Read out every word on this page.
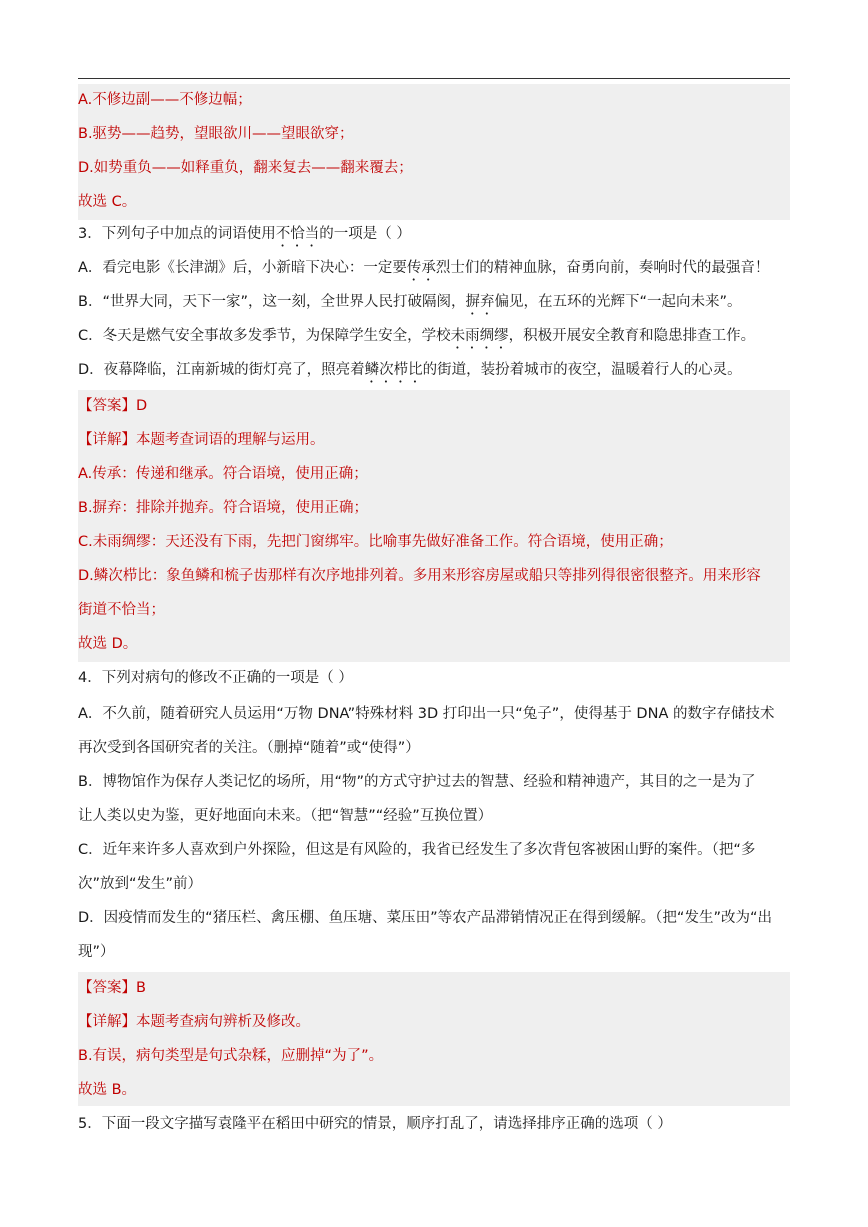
A.不修边副——不修边幅；
B.驱势——趋势，望眼欲川——望眼欲穿；
D.如势重负——如释重负，翻来复去——翻来覆去；
故选 C。
3．下列句子中加点的词语使用不恰当的一项是（ ）
A．看完电影《长津湖》后，小新暗下决心：一定要传承烈士们的精神血脉，奋勇向前，奏响时代的最强音！
B．“世界大同，天下一家”，这一刻，全世界人民打破隔阂，摒弃偏见，在五环的光辉下“一起向未来”。
C．冬天是燃气安全事故多发季节，为保障学生安全，学校未雨绸缪，积极开展安全教育和隐患排查工作。
D．夜幕降临，江南新城的街灯亮了，照亮着鳞次栉比的街道，装扮着城市的夜空，温暖着行人的心灵。
【答案】D
【详解】本题考查词语的理解与运用。
A.传承：传递和继承。符合语境，使用正确；
B.摒弃：排除并抛弃。符合语境，使用正确；
C.未雨绸缪：天还没有下雨，先把门窗绑牢。比喻事先做好准备工作。符合语境，使用正确；
D.鳞次栉比：象鱼鳞和梳子齿那样有次序地排列着。多用来形容房屋或船只等排列得很密很整齐。用来形容
街道不恰当；
故选 D。
4．下列对病句的修改不正确的一项是（ ）
A．不久前，随着研究人员运用“万物 DNA”特殊材料 3D 打印出一只“兔子”，使得基于 DNA 的数字存储技术
再次受到各国研究者的关注。（删掉“随着”或“使得”）
B．博物馆作为保存人类记忆的场所，用“物”的方式守护过去的智慧、经验和精神遗产，其目的之一是为了
让人类以史为鉴，更好地面向未来。（把“智慧”“经验”互换位置）
C．近年来许多人喜欢到户外探险，但这是有风险的，我省已经发生了多次背包客被困山野的案件。（把“多
次”放到“发生”前）
D．因疫情而发生的“猪压栏、禽压棚、鱼压塘、菜压田”等农产品滞销情况正在得到缓解。（把“发生”改为“出
现”）
【答案】B
【详解】本题考查病句辨析及修改。
B.有误，病句类型是句式杂糅，应删掉“为了”。
故选 B。
5．下面一段文字描写袁隆平在稻田中研究的情景，顺序打乱了，请选择排序正确的选项（ ）
